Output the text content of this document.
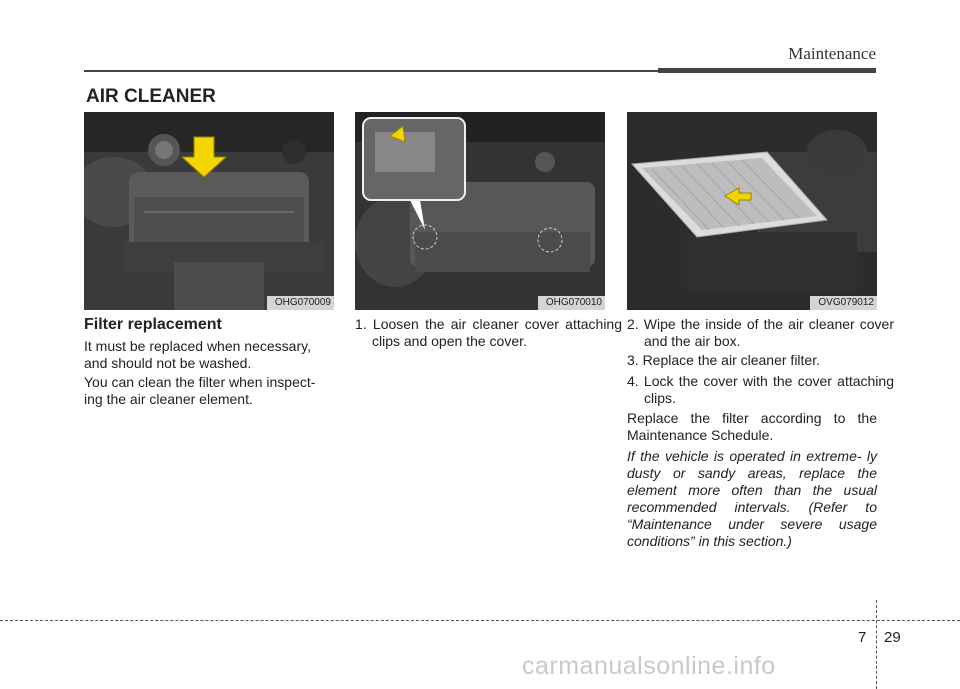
Maintenance
AIR CLEANER
OHG070009	OHG070010	OVG079012
Filter replacement

It must be replaced when necessary, and should not be washed.

You can clean the filter when inspect- ing the air cleaner element.

1. Loosen the air cleaner cover attaching clips and open the cover.
2. Wipe the inside of the air cleaner cover and the air box.
3. Replace the air cleaner filter.
4. Lock the cover with the cover attaching clips.

Replace the filter according to the Maintenance Schedule.

If the vehicle is operated in extreme- ly dusty or sandy areas, replace the element more often than the usual recommended intervals. (Refer to “Maintenance under severe usage conditions” in this section.)

7 29
carmanualsonline.info
